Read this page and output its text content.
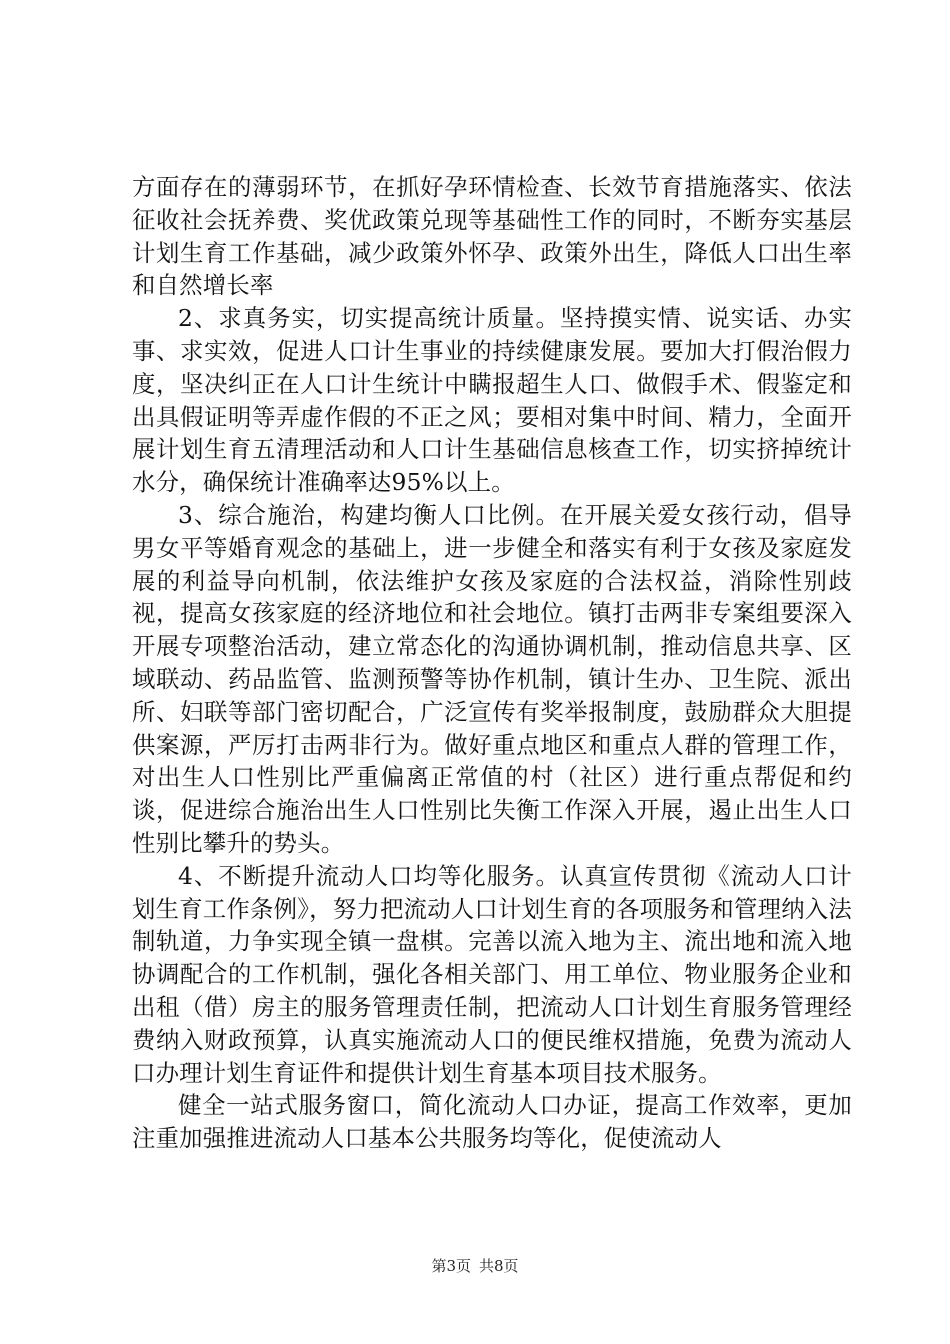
方面存在的薄弱环节，在抓好孕环情检查、长效节育措施落实、依法征收社会抚养费、奖优政策兑现等基础性工作的同时，不断夯实基层计划生育工作基础，减少政策外怀孕、政策外出生，降低人口出生率和自然增长率

2、求真务实，切实提高统计质量。坚持摸实情、说实话、办实事、求实效，促进人口计生事业的持续健康发展。要加大打假治假力度，坚决纠正在人口计生统计中瞒报超生人口、做假手术、假鉴定和出具假证明等弄虚作假的不正之风；要相对集中时间、精力，全面开展计划生育五清理活动和人口计生基础信息核查工作，切实挤掉统计水分，确保统计准确率达95%以上。

3、综合施治，构建均衡人口比例。在开展关爱女孩行动，倡导男女平等婚育观念的基础上，进一步健全和落实有利于女孩及家庭发展的利益导向机制，依法维护女孩及家庭的合法权益，消除性别歧视，提高女孩家庭的经济地位和社会地位。镇打击两非专案组要深入开展专项整治活动，建立常态化的沟通协调机制，推动信息共享、区域联动、药品监管、监测预警等协作机制，镇计生办、卫生院、派出所、妇联等部门密切配合，广泛宣传有奖举报制度，鼓励群众大胆提供案源，严厉打击两非行为。做好重点地区和重点人群的管理工作，对出生人口性别比严重偏离正常值的村（社区）进行重点帮促和约谈，促进综合施治出生人口性别比失衡工作深入开展，遏止出生人口性别比攀升的势头。

4、不断提升流动人口均等化服务。认真宣传贯彻《流动人口计划生育工作条例》，努力把流动人口计划生育的各项服务和管理纳入法制轨道，力争实现全镇一盘棋。完善以流入地为主、流出地和流入地协调配合的工作机制，强化各相关部门、用工单位、物业服务企业和出租（借）房主的服务管理责任制，把流动人口计划生育服务管理经费纳入财政预算，认真实施流动人口的便民维权措施，免费为流动人口办理计划生育证件和提供计划生育基本项目技术服务。

健全一站式服务窗口，简化流动人口办证，提高工作效率，更加注重加强推进流动人口基本公共服务均等化，促使流动人

第3页 共8页
